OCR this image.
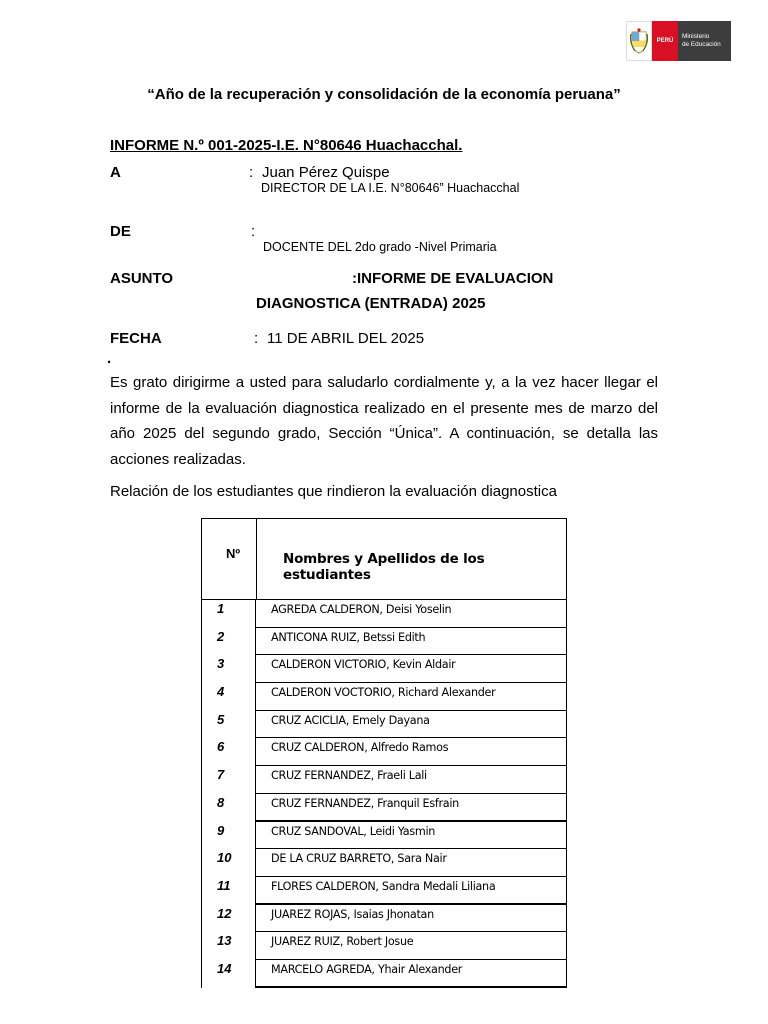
PERÚ
Ministerio
de Educación
“Año de la recuperación y consolidación de la economía peruana”
INFORME N.º 001-2025-I.E. N°80646 Huachacchal.
A	: Juan Pérez Quispe
DIRECTOR DE LA I.E. N°80646” Huachacchal
DE	:
DOCENTE DEL 2do grado -Nivel Primaria
ASUNTO	:INFORME DE EVALUACION
DIAGNOSTICA (ENTRADA) 2025
FECHA	: 11 DE ABRIL DEL 2025
.
Es grato dirigirme a usted para saludarlo cordialmente y, a la vez hacer llegar el informe de la evaluación diagnostica realizado en el presente mes de marzo del año 2025 del segundo grado, Sección “Única”. A continuación, se detalla las acciones realizadas.
Relación de los estudiantes que rindieron la evaluación diagnostica
Nº	Nombres y Apellidos de los estudiantes
1	AGREDA CALDERON, Deisi Yoselin
2	ANTICONA RUIZ, Betssi Edith
3	CALDERON VICTORIO, Kevin Aldair
4	CALDERON VOCTORIO, Richard Alexander
5	CRUZ ACICLIA, Emely Dayana
6	CRUZ CALDERON, Alfredo Ramos
7	CRUZ FERNANDEZ, Fraeli Lali
8	CRUZ FERNANDEZ, Franquil Esfrain
9	CRUZ SANDOVAL, Leidi Yasmin
10	DE LA CRUZ BARRETO, Sara Nair
11	FLORES CALDERON, Sandra Medali Liliana
12	JUAREZ ROJAS, Isaias Jhonatan
13	JUAREZ RUIZ, Robert Josue
14	MARCELO AGREDA, Yhair Alexander
